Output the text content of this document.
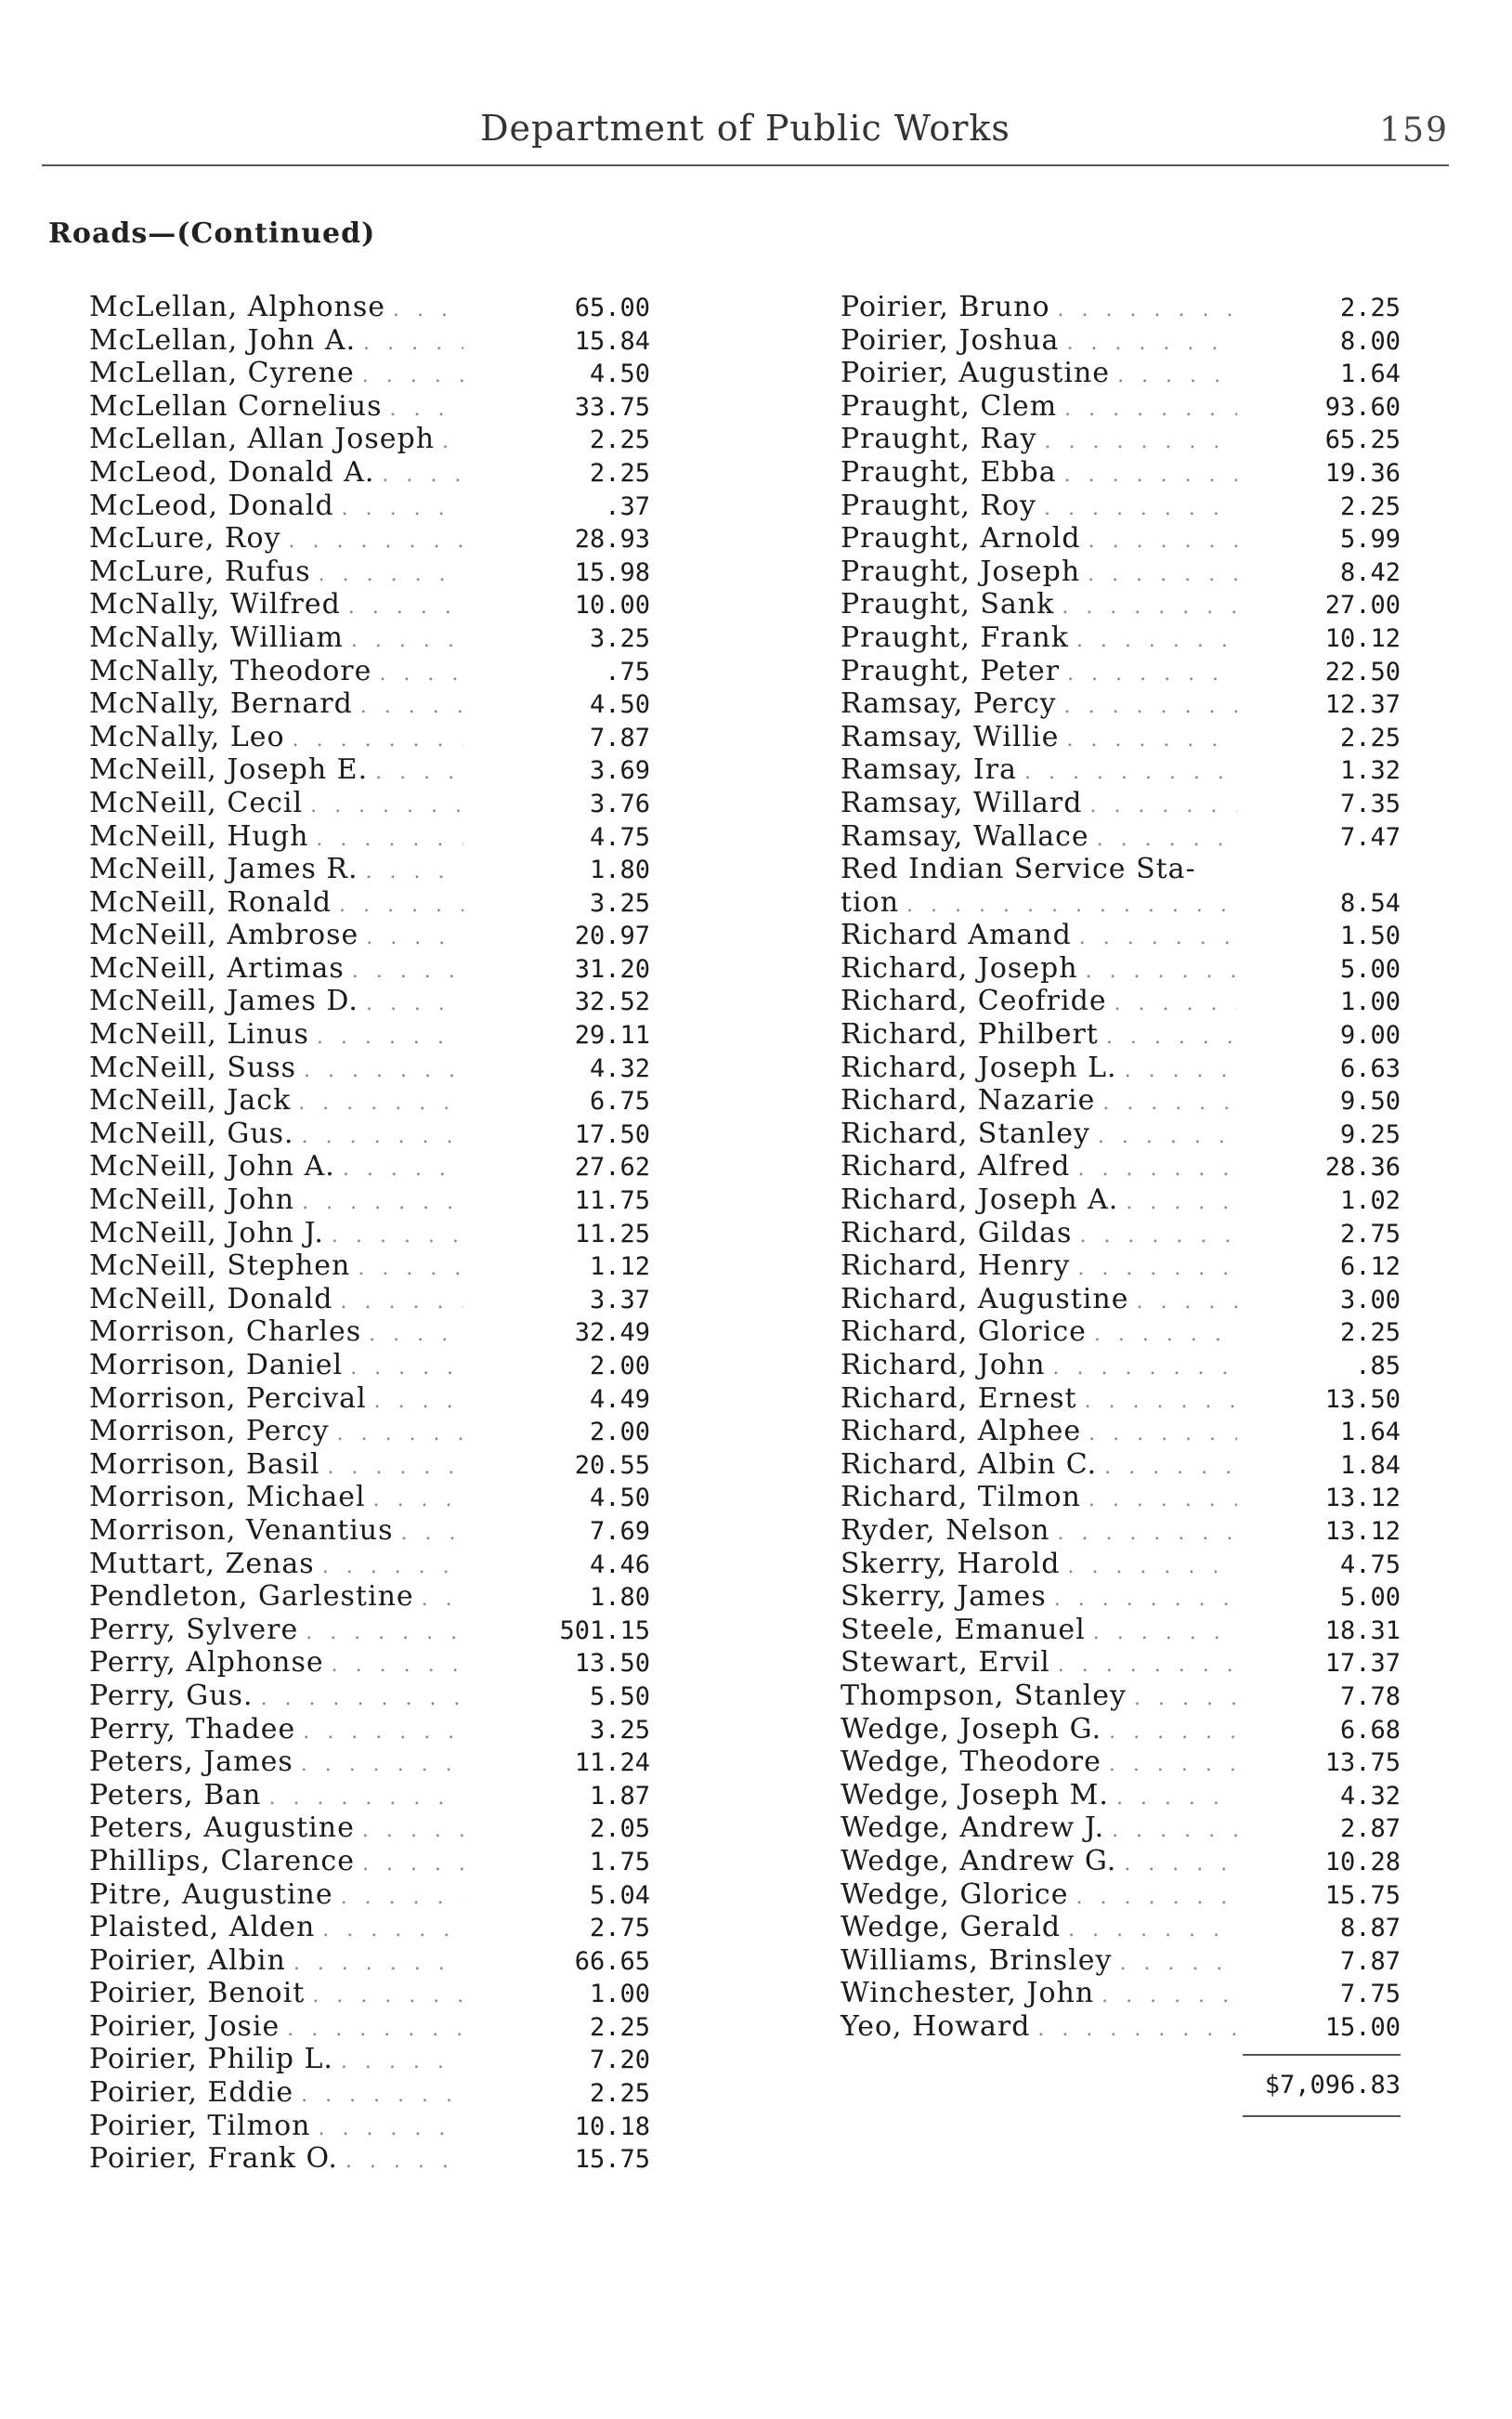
Department of Public Works	159
Roads—(Continued)
McLellan, Alphonse . . .	65.00
McLellan, John A. . . .	15.84
McLellan, Cyrene . . .	4.50
McLellan Cornelius . . .	33.75
McLellan, Allan Joseph . . .	2.25
McLeod, Donald A. . . .	2.25
McLeod, Donald . . .	.37
McLure, Roy . . .	28.93
McLure, Rufus . . .	15.98
McNally, Wilfred . . .	10.00
McNally, William . . .	3.25
McNally, Theodore . . .	.75
McNally, Bernard . . .	4.50
McNally, Leo . . .	7.87
McNeill, Joseph E. . . .	3.69
McNeill, Cecil . . .	3.76
McNeill, Hugh . . .	4.75
McNeill, James R. . . .	1.80
McNeill, Ronald . . .	3.25
McNeill, Ambrose . . .	20.97
McNeill, Artimas . . .	31.20
McNeill, James D. . . .	32.52
McNeill, Linus . . .	29.11
McNeill, Suss . . .	4.32
McNeill, Jack . . .	6.75
McNeill, Gus. . . .	17.50
McNeill, John A. . . .	27.62
McNeill, John . . .	11.75
McNeill, John J. . . .	11.25
McNeill, Stephen . . .	1.12
McNeill, Donald . . .	3.37
Morrison, Charles . . .	32.49
Morrison, Daniel . . .	2.00
Morrison, Percival . . .	4.49
Morrison, Percy . . .	2.00
Morrison, Basil . . .	20.55
Morrison, Michael . . .	4.50
Morrison, Venantius . . .	7.69
Muttart, Zenas . . .	4.46
Pendleton, Garlestine . . .	1.80
Perry, Sylvere . . .	501.15
Perry, Alphonse . . .	13.50
Perry, Gus. . . .	5.50
Perry, Thadee . . .	3.25
Peters, James . . .	11.24
Peters, Ban . . .	1.87
Peters, Augustine . . .	2.05
Phillips, Clarence . . .	1.75
Pitre, Augustine . . .	5.04
Plaisted, Alden . . .	2.75
Poirier, Albin . . .	66.65
Poirier, Benoit . . .	1.00
Poirier, Josie . . .	2.25
Poirier, Philip L. . . .	7.20
Poirier, Eddie . . .	2.25
Poirier, Tilmon . . .	10.18
Poirier, Frank O. . . .	15.75
Poirier, Bruno . . .	2.25
Poirier, Joshua . . .	8.00
Poirier, Augustine . . .	1.64
Praught, Clem . . .	93.60
Praught, Ray . . .	65.25
Praught, Ebba . . .	19.36
Praught, Roy . . .	2.25
Praught, Arnold . . .	5.99
Praught, Joseph . . .	8.42
Praught, Sank . . .	27.00
Praught, Frank . . .	10.12
Praught, Peter . . .	22.50
Ramsay, Percy . . .	12.37
Ramsay, Willie . . .	2.25
Ramsay, Ira . . .	1.32
Ramsay, Willard . . .	7.35
Ramsay, Wallace . . .	7.47
Red Indian Service Sta-
tion . . .	8.54
Richard Amand . . .	1.50
Richard, Joseph . . .	5.00
Richard, Ceofride . . .	1.00
Richard, Philbert . . .	9.00
Richard, Joseph L. . . .	6.63
Richard, Nazarie . . .	9.50
Richard, Stanley . . .	9.25
Richard, Alfred . . .	28.36
Richard, Joseph A. . . .	1.02
Richard, Gildas . . .	2.75
Richard, Henry . . .	6.12
Richard, Augustine . . .	3.00
Richard, Glorice . . .	2.25
Richard, John . . .	.85
Richard, Ernest . . .	13.50
Richard, Alphee . . .	1.64
Richard, Albin C. . . .	1.84
Richard, Tilmon . . .	13.12
Ryder, Nelson . . .	13.12
Skerry, Harold . . .	4.75
Skerry, James . . .	5.00
Steele, Emanuel . . .	18.31
Stewart, Ervil . . .	17.37
Thompson, Stanley . . .	7.78
Wedge, Joseph G. . . .	6.68
Wedge, Theodore . . .	13.75
Wedge, Joseph M. . . .	4.32
Wedge, Andrew J. . . .	2.87
Wedge, Andrew G. . . .	10.28
Wedge, Glorice . . .	15.75
Wedge, Gerald . . .	8.87
Williams, Brinsley . . .	7.87
Winchester, John . . .	7.75
Yeo, Howard . . .	15.00
$7,096.83
